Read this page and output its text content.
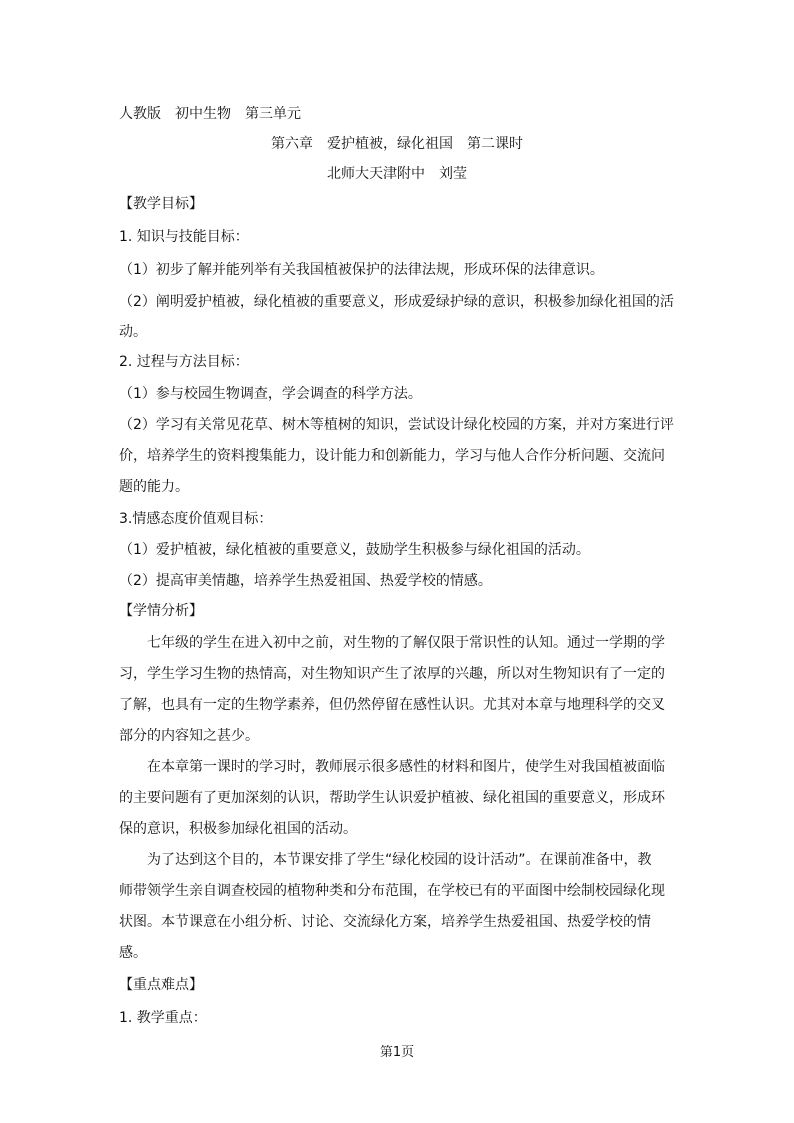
人教版　初中生物　第三单元
第六章　爱护植被，绿化祖国　第二课时
北师大天津附中　刘莹
【教学目标】
1. 知识与技能目标：
（1）初步了解并能列举有关我国植被保护的法律法规，形成环保的法律意识。
（2）阐明爱护植被，绿化植被的重要意义，形成爱绿护绿的意识，积极参加绿化祖国的活
动。
2. 过程与方法目标：
（1）参与校园生物调查，学会调查的科学方法。
（2）学习有关常见花草、树木等植树的知识，尝试设计绿化校园的方案，并对方案进行评
价，培养学生的资料搜集能力，设计能力和创新能力，学习与他人合作分析问题、交流问
题的能力。
3.情感态度价值观目标：
（1）爱护植被，绿化植被的重要意义，鼓励学生积极参与绿化祖国的活动。
（2）提高审美情趣，培养学生热爱祖国、热爱学校的情感。
【学情分析】
七年级的学生在进入初中之前，对生物的了解仅限于常识性的认知。通过一学期的学
习，学生学习生物的热情高，对生物知识产生了浓厚的兴趣，所以对生物知识有了一定的
了解，也具有一定的生物学素养，但仍然停留在感性认识。尤其对本章与地理科学的交叉
部分的内容知之甚少。
在本章第一课时的学习时，教师展示很多感性的材料和图片，使学生对我国植被面临
的主要问题有了更加深刻的认识，帮助学生认识爱护植被、绿化祖国的重要意义，形成环
保的意识，积极参加绿化祖国的活动。
为了达到这个目的，本节课安排了学生“绿化校园的设计活动”。在课前准备中，教
师带领学生亲自调查校园的植物种类和分布范围，在学校已有的平面图中绘制校园绿化现
状图。本节课意在小组分析、讨论、交流绿化方案，培养学生热爱祖国、热爱学校的情
感。
【重点难点】
1. 教学重点：
第1页
